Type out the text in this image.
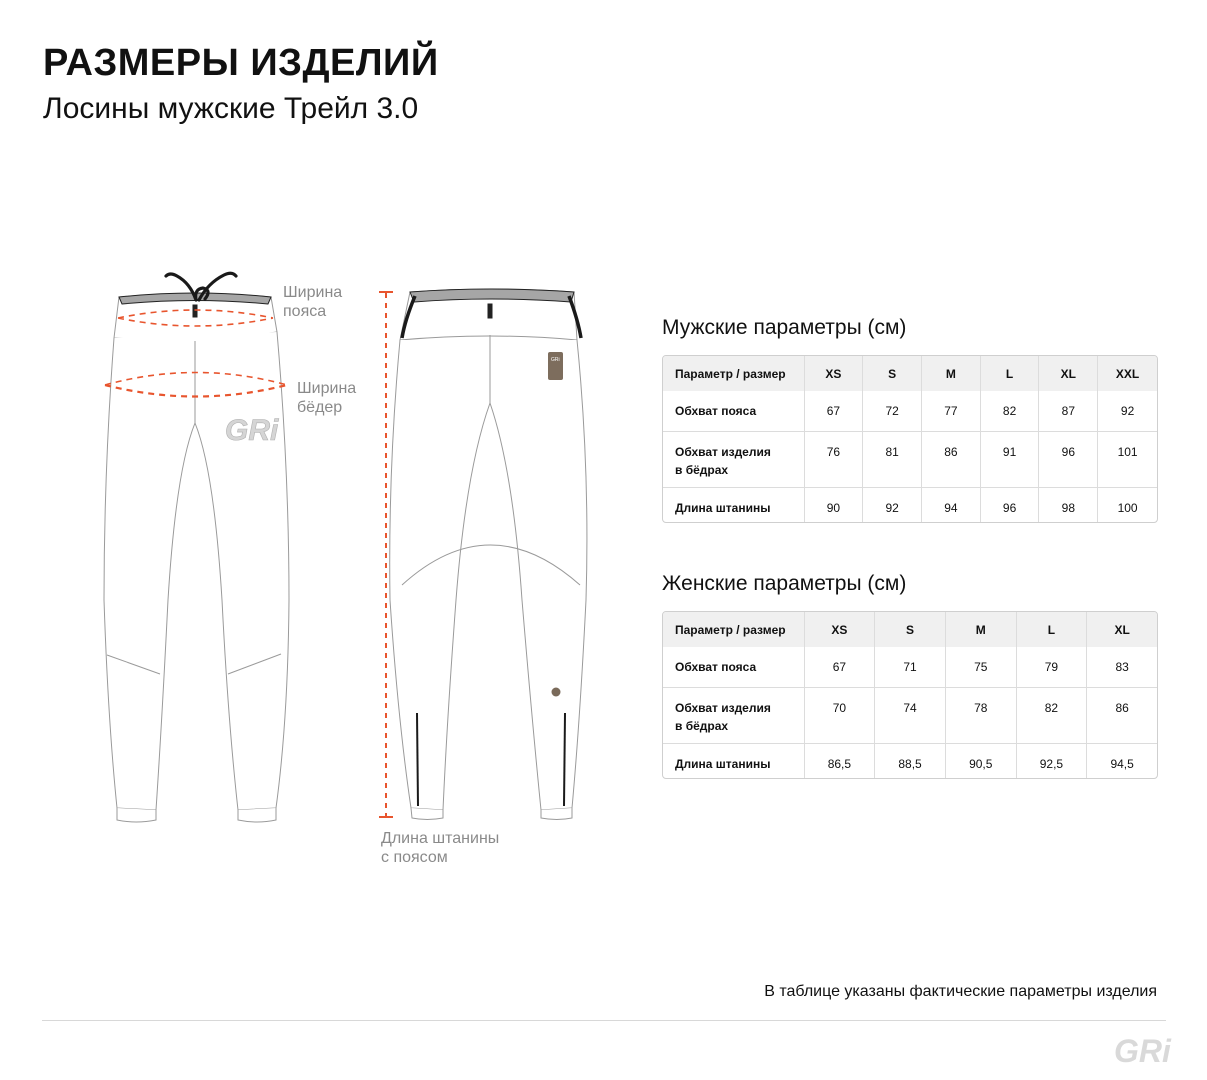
РАЗМЕРЫ ИЗДЕЛИЙ
Лосины мужские Трейл 3.0
GRi
GRi
Ширина
пояса
Ширина
бёдер
Длина штанины
с поясом
Мужские параметры (см)
Параметр / размер	XS	S	M	L	XL	XXL
Обхват пояса	67	72	77	82	87	92

Обхват изделия
в бёдрах	76	81	86	91	96	101
Длина штанины	90	92	94	96	98	100
Женские параметры (см)
Параметр / размер	XS	S	M	L	XL
Обхват пояса	67	71	75	79	83

Обхват изделия
в бёдрах	70	74	78	82	86
Длина штанины	86,5	88,5	90,5	92,5	94,5
В таблице указаны фактические параметры изделия
GRi
